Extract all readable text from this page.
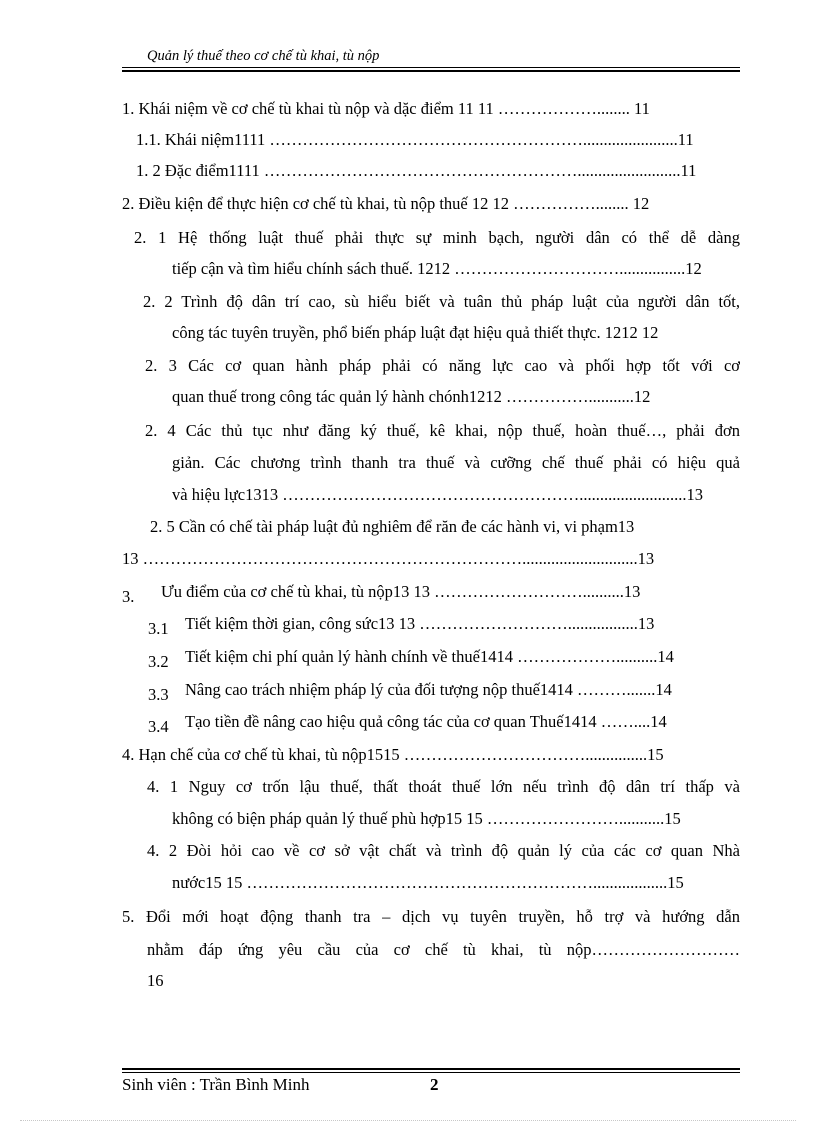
Quản lý thuế theo cơ chế tù khai, tù nộp
1. Khái niệm về cơ chế tù khai tù nộp và dặc điểm 11 11 ………………........ 11
1.1. Khái niệm1111 ………………………………………………….......................11
1. 2 Đặc điểm1111 ………………………………………………….........................11
2. Điều kiện để thực hiện cơ chế tù khai, tù nộp thuế 12 12 ……………........ 12
2. 1 Hệ thống luật thuế phải thực sự minh bạch, người dân có thể dễ dàng
tiếp cận và tìm hiểu chính sách thuế. 1212 …………………………................12
2. 2 Trình độ dân trí cao, sù hiểu biết và tuân thủ pháp luật của người dân tốt,
công tác tuyên truyền, phổ biến pháp luật đạt hiệu quả thiết thực. 1212 12
2. 3 Các cơ quan hành pháp phải có năng lực cao và phối hợp tốt với cơ
quan thuế trong công tác quản lý hành chónh1212 ……………...........12
2. 4 Các thủ tục như đăng ký thuế, kê khai, nộp thuế, hoàn thuế…, phải đơn
giản. Các chương trình thanh tra thuế và cưỡng chế thuế phải có hiệu quả
và hiệu lực1313 ………………………………………………..........................13
2. 5 Cần có chế tài pháp luật đủ nghiêm để răn đe các hành vi, vi phạm13
13 ……………………………………………………………............................13
3. Ưu điểm của cơ chế tù khai, tù nộp13 13 ………………………..........13
3.1 Tiết kiệm thời gian, công sức13 13 ……………………….................13
3.2 Tiết kiệm chi phí quản lý hành chính về thuế1414 ………………..........14
3.3 Nâng cao trách nhiệm pháp lý của đối tượng nộp thuế1414 ……….......14
3.4 Tạo tiền đề nâng cao hiệu quả công tác của cơ quan Thuế1414 ……....14
4. Hạn chế của cơ chế tù khai, tù nộp1515 ……………………………...............15
4. 1 Nguy cơ trốn lậu thuế, thất thoát thuế lớn nếu trình độ dân trí thấp và
không có biện pháp quản lý thuế phù hợp15 15 ……………………...........15
4. 2 Đòi hỏi cao về cơ sở vật chất và trình độ quản lý của các cơ quan Nhà
nước15 15 ………………………………………………………..................15
5. Đổi mới hoạt động thanh tra – dịch vụ tuyên truyền, hỗ trợ và hướng dẫn
nhằm đáp ứng yêu cầu của cơ chế tù khai, tù nộp………………………
16
Sinh viên : Trần Bình Minh	2
